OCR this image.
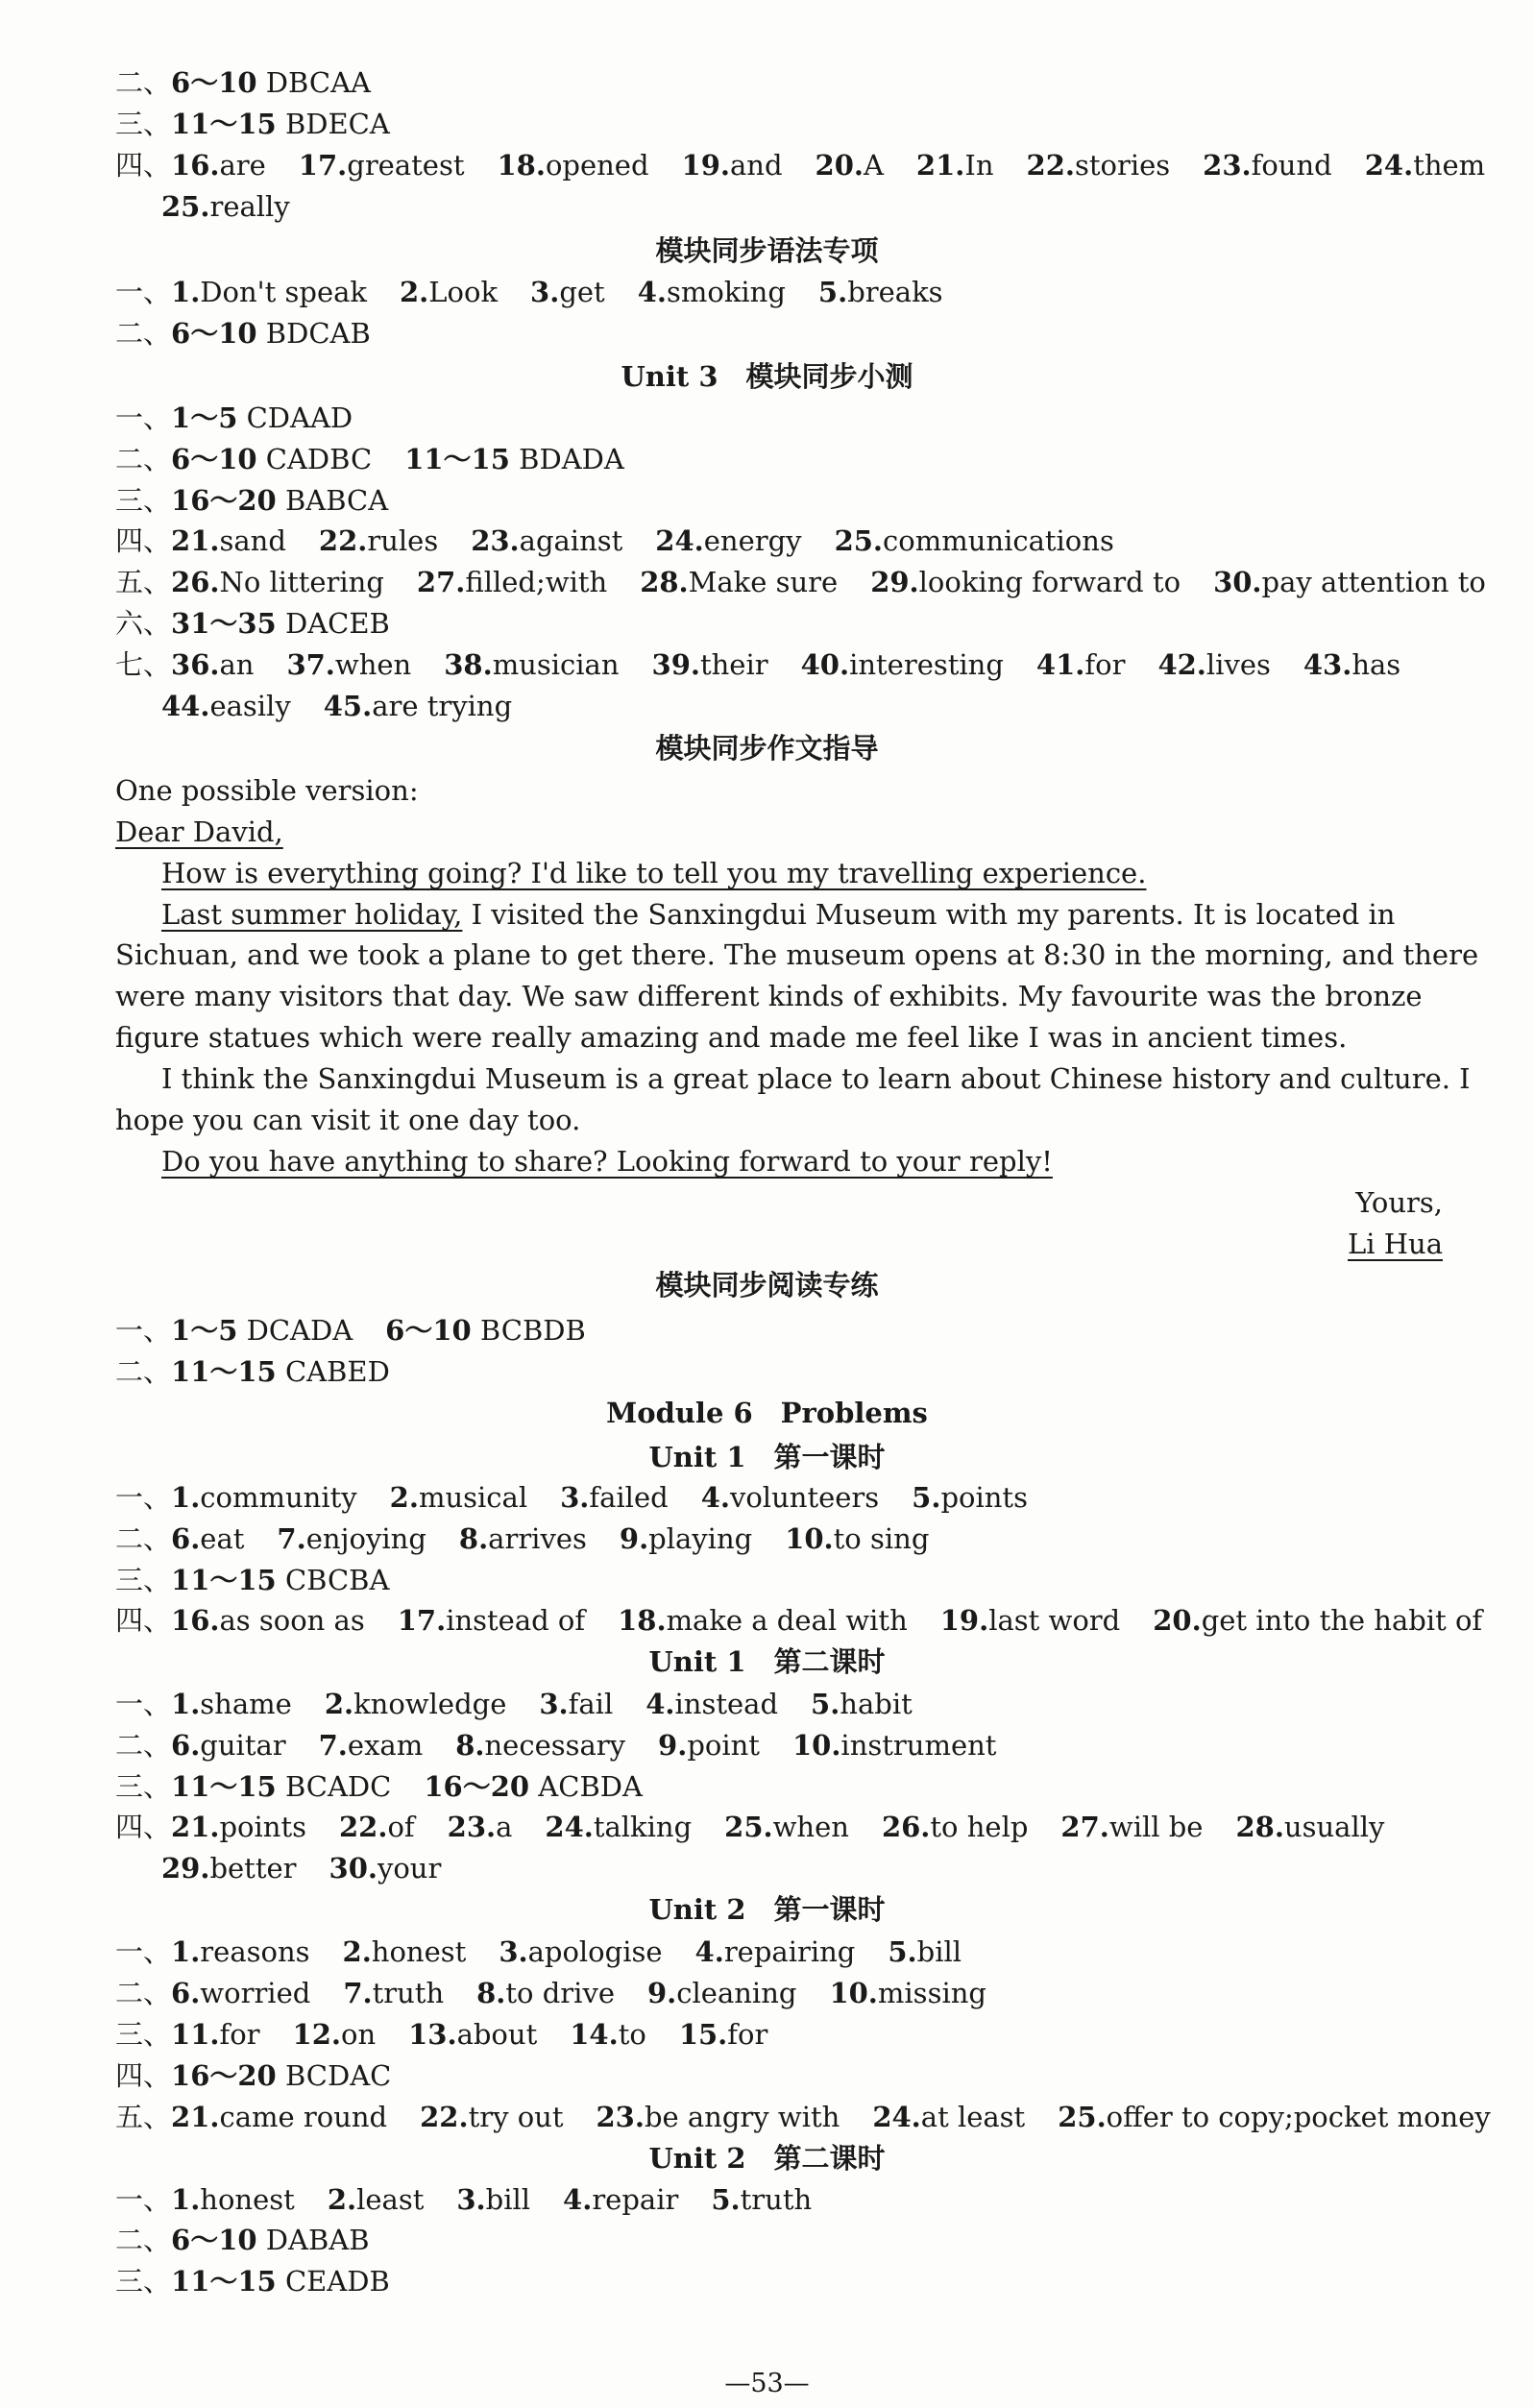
二、6～10 DBCAA
三、11～15 BDECA
四、16.are 17.greatest 18.opened 19.and 20.A 21.In 22.stories 23.found 24.them
25.really
模块同步语法专项
一、1.Don't speak 2.Look 3.get 4.smoking 5.breaks
二、6～10 BDCAB
Unit 3　模块同步小测
一、1～5 CDAAD
二、6～10 CADBC 11～15 BDADA
三、16～20 BABCA
四、21.sand 22.rules 23.against 24.energy 25.communications
五、26.No littering 27.filled;with 28.Make sure 29.looking forward to 30.pay attention to
六、31～35 DACEB
七、36.an 37.when 38.musician 39.their 40.interesting 41.for 42.lives 43.has
44.easily 45.are trying
模块同步作文指导
One possible version:
Dear David,
How is everything going? I'd like to tell you my travelling experience.
Last summer holiday, I visited the Sanxingdui Museum with my parents. It is located in
Sichuan, and we took a plane to get there. The museum opens at 8:30 in the morning, and there
were many visitors that day. We saw different kinds of exhibits. My favourite was the bronze
figure statues which were really amazing and made me feel like I was in ancient times.
I think the Sanxingdui Museum is a great place to learn about Chinese history and culture. I
hope you can visit it one day too.
Do you have anything to share? Looking forward to your reply!
Yours,
Li Hua
模块同步阅读专练
一、1～5 DCADA 6～10 BCBDB
二、11～15 CABED
Module 6　Problems
Unit 1　第一课时
一、1.community 2.musical 3.failed 4.volunteers 5.points
二、6.eat 7.enjoying 8.arrives 9.playing 10.to sing
三、11～15 CBCBA
四、16.as soon as 17.instead of 18.make a deal with 19.last word 20.get into the habit of
Unit 1　第二课时
一、1.shame 2.knowledge 3.fail 4.instead 5.habit
二、6.guitar 7.exam 8.necessary 9.point 10.instrument
三、11～15 BCADC 16～20 ACBDA
四、21.points 22.of 23.a 24.talking 25.when 26.to help 27.will be 28.usually
29.better 30.your
Unit 2　第一课时
一、1.reasons 2.honest 3.apologise 4.repairing 5.bill
二、6.worried 7.truth 8.to drive 9.cleaning 10.missing
三、11.for 12.on 13.about 14.to 15.for
四、16～20 BCDAC
五、21.came round 22.try out 23.be angry with 24.at least 25.offer to copy;pocket money
Unit 2　第二课时
一、1.honest 2.least 3.bill 4.repair 5.truth
二、6～10 DABAB
三、11～15 CEADB
—53—
